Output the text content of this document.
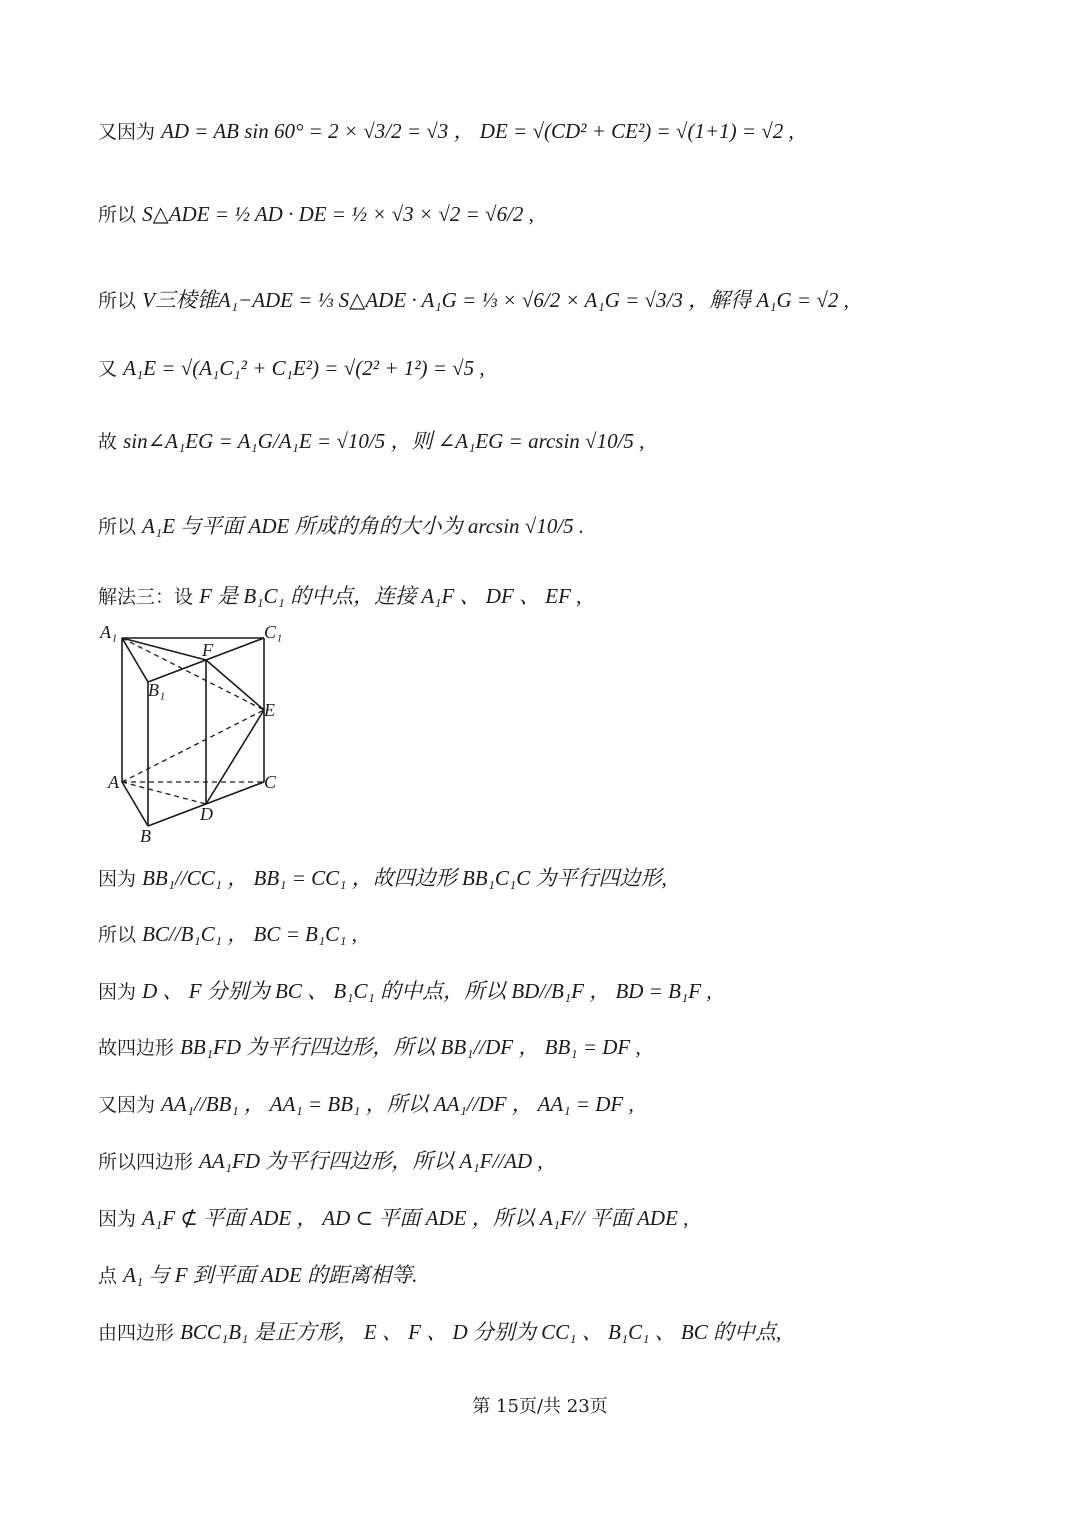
又因为 AD = AB sin 60° = 2 × √3/2 = √3 ， DE = √(CD² + CE²) = √(1+1) = √2 ,
所以 S△ADE = ½ AD · DE = ½ × √3 × √2 = √6/2 ,
所以 V三棱锥A₁−ADE = ⅓ S△ADE · A₁G = ⅓ × √6/2 × A₁G = √3/3 ，解得 A₁G = √2 ,
又 A₁E = √(A₁C₁² + C₁E²) = √(2² + 1²) = √5 ,
故 sin∠A₁EG = A₁G/A₁E = √10/5 ，则 ∠A₁EG = arcsin √10/5 ,
所以 A₁E 与平面 ADE 所成的角的大小为 arcsin √10/5 .
解法三：设 F 是 B₁C₁ 的中点，连接 A₁F 、 DF 、 EF ,
A₁	C₁
F
B₁
E
A	C
D
B
因为 BB₁//CC₁ ， BB₁ = CC₁ ，故四边形 BB₁C₁C 为平行四边形,
所以 BC//B₁C₁ ， BC = B₁C₁ ,
因为 D 、 F 分别为 BC 、 B₁C₁ 的中点，所以 BD//B₁F ， BD = B₁F ,
故四边形 BB₁FD 为平行四边形，所以 BB₁//DF ， BB₁ = DF ,
又因为 AA₁//BB₁ ， AA₁ = BB₁ ，所以 AA₁//DF ， AA₁ = DF ,
所以四边形 AA₁FD 为平行四边形，所以 A₁F//AD ,
因为 A₁F ⊄ 平面 ADE ， AD ⊂ 平面 ADE ，所以 A₁F// 平面 ADE ,
点 A₁ 与 F 到平面 ADE 的距离相等.
由四边形 BCC₁B₁ 是正方形， E 、 F 、 D 分别为 CC₁ 、 B₁C₁ 、 BC 的中点,
第 15页/共 23页
